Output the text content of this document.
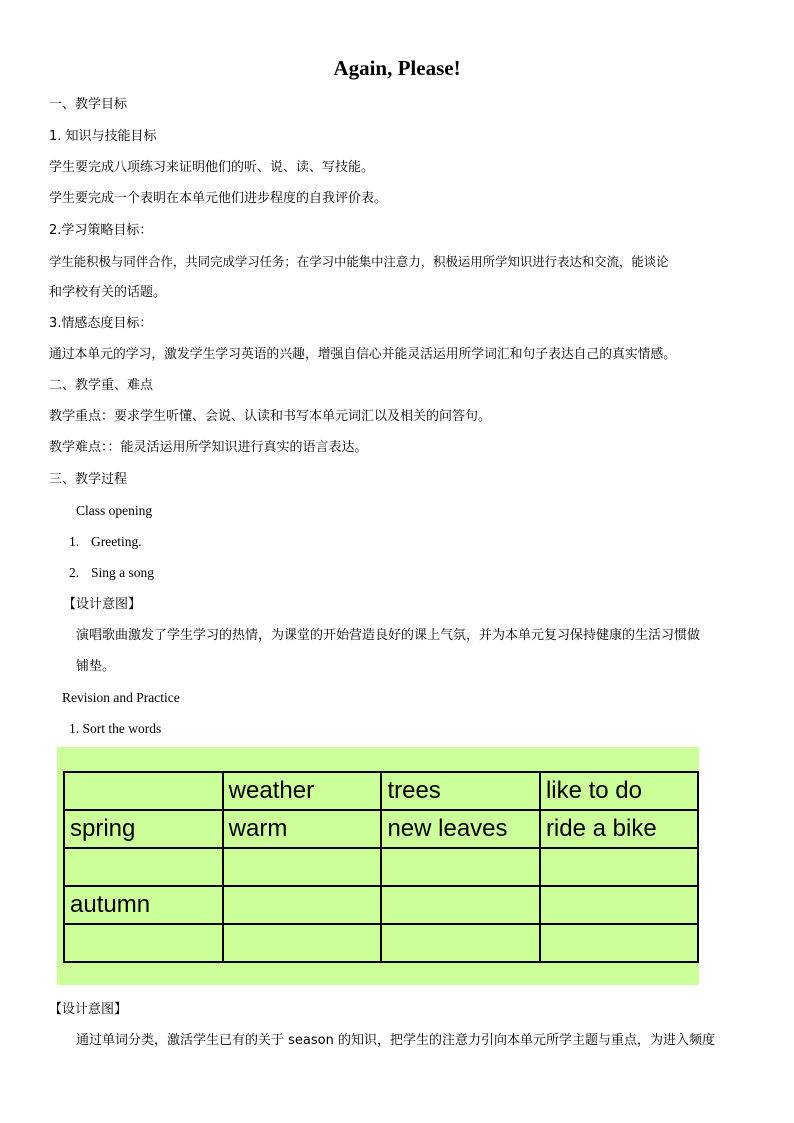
Again, Please!
一、教学目标
1. 知识与技能目标
学生要完成八项练习来证明他们的听、说、读、写技能。
学生要完成一个表明在本单元他们进步程度的自我评价表。
2.学习策略目标：
学生能积极与同伴合作，共同完成学习任务；在学习中能集中注意力，积极运用所学知识进行表达和交流，能谈论
和学校有关的话题。
3.情感态度目标：
通过本单元的学习，激发学生学习英语的兴趣，增强自信心并能灵活运用所学词汇和句子表达自己的真实情感。
二、教学重、难点
教学重点：要求学生听懂、会说、认读和书写本单元词汇以及相关的问答句。
教学难点：：能灵活运用所学知识进行真实的语言表达。
三、教学过程
Class opening
1. Greeting.
2. Sing a song
【设计意图】
演唱歌曲激发了学生学习的热情，为课堂的开始营造良好的课上气氛，并为本单元复习保持健康的生活习惯做
铺垫。
Revision and Practice
1. Sort the words
	weather	trees	like to do
spring	warm	new leaves	ride a bike

autumn			

【设计意图】
通过单词分类，激活学生已有的关于 season 的知识，把学生的注意力引向本单元所学主题与重点，为进入频度
